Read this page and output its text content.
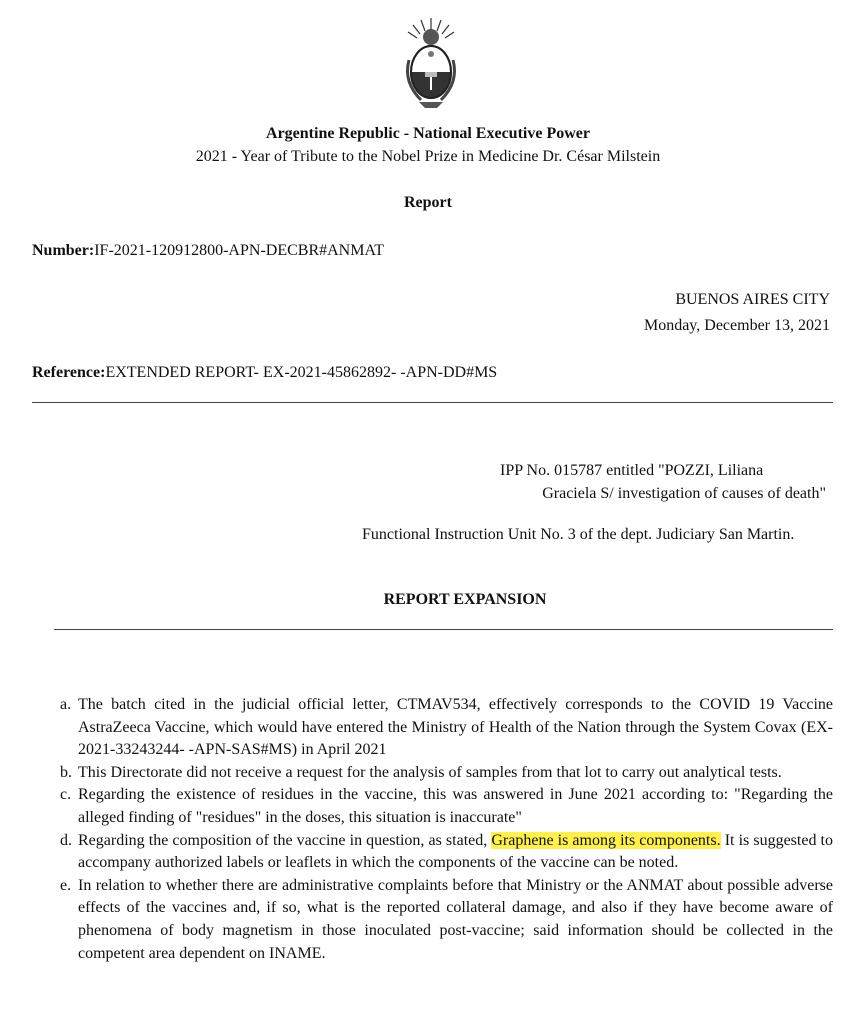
Argentine Republic - National Executive Power
2021 - Year of Tribute to the Nobel Prize in Medicine Dr. César Milstein
Report
Number:IF-2021-120912800-APN-DECBR#ANMAT
BUENOS AIRES CITY
Monday, December 13, 2021
Reference:EXTENDED REPORT- EX-2021-45862892- -APN-DD#MS
IPP No. 015787 entitled "POZZI, Liliana
Graciela S/ investigation of causes of death"
Functional Instruction Unit No. 3 of the dept. Judiciary San Martin.
REPORT EXPANSION
a. The batch cited in the judicial official letter, CTMAV534, effectively corresponds to the COVID 19 Vaccine AstraZeeca Vaccine, which would have entered the Ministry of Health of the Nation through the System Covax (EX-2021-33243244- -APN-SAS#MS) in April 2021
b. This Directorate did not receive a request for the analysis of samples from that lot to carry out analytical tests.
c. Regarding the existence of residues in the vaccine, this was answered in June 2021 according to: "Regarding the alleged finding of "residues" in the doses, this situation is inaccurate"
d. Regarding the composition of the vaccine in question, as stated, Graphene is among its components. It is suggested to accompany authorized labels or leaflets in which the components of the vaccine can be noted.
e. In relation to whether there are administrative complaints before that Ministry or the ANMAT about possible adverse effects of the vaccines and, if so, what is the reported collateral damage, and also if they have become aware of phenomena of body magnetism in those inoculated post-vaccine; said information should be collected in the competent area dependent on INAME.
